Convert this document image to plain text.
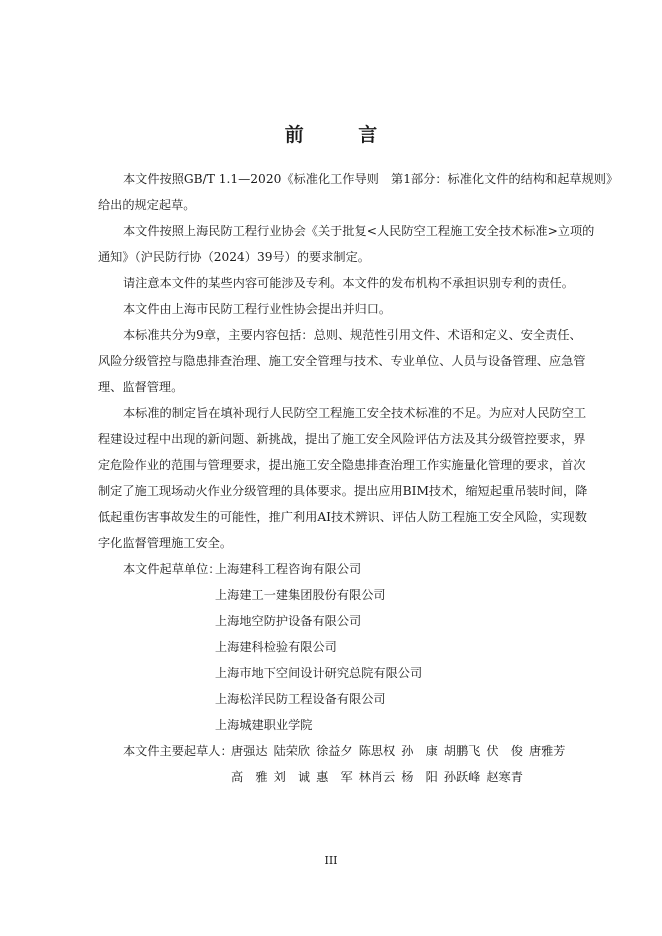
前 言
本文件按照GB/T 1.1—2020《标准化工作导则　第1部分：标准化文件的结构和起草规则》
给出的规定起草。
本文件按照上海民防工程行业协会《关于批复<人民防空工程施工安全技术标准>立项的
通知》（沪民防行协（2024）39号）的要求制定。
请注意本文件的某些内容可能涉及专利。本文件的发布机构不承担识别专利的责任。
本文件由上海市民防工程行业性协会提出并归口。
本标准共分为9章，主要内容包括：总则、规范性引用文件、术语和定义、安全责任、
风险分级管控与隐患排查治理、施工安全管理与技术、专业单位、人员与设备管理、应急管
理、监督管理。
本标准的制定旨在填补现行人民防空工程施工安全技术标准的不足。为应对人民防空工
程建设过程中出现的新问题、新挑战，提出了施工安全风险评估方法及其分级管控要求，界
定危险作业的范围与管理要求，提出施工安全隐患排查治理工作实施量化管理的要求，首次
制定了施工现场动火作业分级管理的具体要求。提出应用BIM技术，缩短起重吊装时间，降
低起重伤害事故发生的可能性，推广利用AI技术辨识、评估人防工程施工安全风险，实现数
字化监督管理施工安全。
本文件起草单位：上海建科工程咨询有限公司
上海建工一建集团股份有限公司
上海地空防护设备有限公司
上海建科检验有限公司
上海市地下空间设计研究总院有限公司
上海松洋民防工程设备有限公司
上海城建职业学院
本文件主要起草人：唐强达 陆荣欣 徐益夕 陈思权 孙　康 胡鹏飞 伏　俊 唐雅芳
高　雅 刘　诚 惠　军 林肖云 杨　阳 孙跃峰 赵寒青
III
